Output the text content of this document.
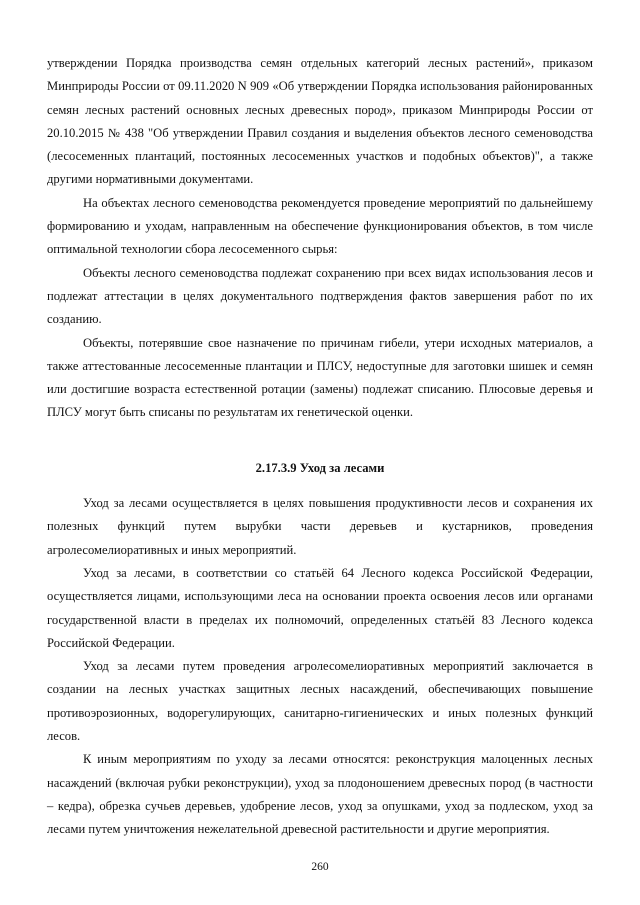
утверждении Порядка производства семян отдельных категорий лесных растений», приказом Минприроды России от 09.11.2020 N 909 «Об утверждении Порядка использования районированных семян лесных растений основных лесных древесных пород», приказом Минприроды России от 20.10.2015 № 438 "Об утверждении Правил создания и выделения объектов лесного семеноводства (лесосеменных плантаций, постоянных лесосеменных участков и подобных объектов)", а также другими нормативными документами.

На объектах лесного семеноводства рекомендуется проведение мероприятий по дальнейшему формированию и уходам, направленным на обеспечение функционирования объектов, в том числе оптимальной технологии сбора лесосеменного сырья:

Объекты лесного семеноводства подлежат сохранению при всех видах использования лесов и подлежат аттестации в целях документального подтверждения фактов завершения работ по их созданию.

Объекты, потерявшие свое назначение по причинам гибели, утери исходных материалов, а также аттестованные лесосеменные плантации и ПЛСУ, недоступные для заготовки шишек и семян или достигшие возраста естественной ротации (замены) подлежат списанию. Плюсовые деревья и ПЛСУ могут быть списаны по результатам их генетической оценки.

2.17.3.9 Уход за лесами

Уход за лесами осуществляется в целях повышения продуктивности лесов и сохранения их полезных функций путем вырубки части деревьев и кустарников, проведения агролесомелиоративных и иных мероприятий.

Уход за лесами, в соответствии со статьёй 64 Лесного кодекса Российской Федерации, осуществляется лицами, использующими леса на основании проекта освоения лесов или органами государственной власти в пределах их полномочий, определенных статьёй 83 Лесного кодекса Российской Федерации.

Уход за лесами путем проведения агролесомелиоративных мероприятий заключается в создании на лесных участках защитных лесных насаждений, обеспечивающих повышение противоэрозионных, водорегулирующих, санитарно-гигиенических и иных полезных функций лесов.

К иным мероприятиям по уходу за лесами относятся: реконструкция малоценных лесных насаждений (включая рубки реконструкции), уход за плодоношением древесных пород (в частности – кедра), обрезка сучьев деревьев, удобрение лесов, уход за опушками, уход за подлеском, уход за лесами путем уничтожения нежелательной древесной растительности и другие мероприятия.

260
